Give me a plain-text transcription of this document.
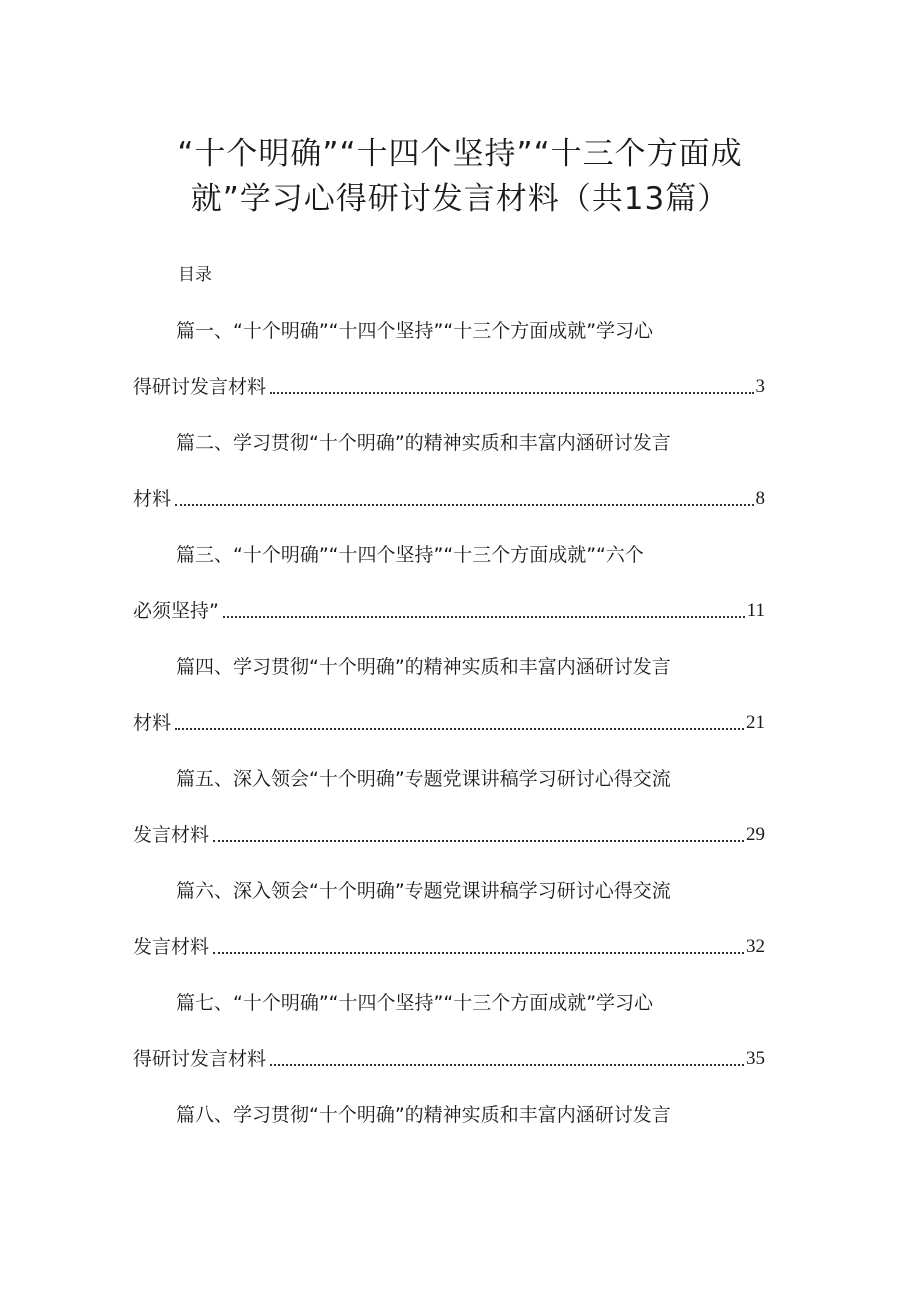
“十个明确”“十四个坚持”“十三个方面成
就”学习心得研讨发言材料（共13篇）
目录
篇一、“十个明确”“十四个坚持”“十三个方面成就”学习心
得研讨发言材料	3
篇二、学习贯彻“十个明确”的精神实质和丰富内涵研讨发言
材料	8
篇三、“十个明确”“十四个坚持”“十三个方面成就”“六个
必须坚持”	11
篇四、学习贯彻“十个明确”的精神实质和丰富内涵研讨发言
材料	21
篇五、深入领会“十个明确”专题党课讲稿学习研讨心得交流
发言材料	29
篇六、深入领会“十个明确”专题党课讲稿学习研讨心得交流
发言材料	32
篇七、“十个明确”“十四个坚持”“十三个方面成就”学习心
得研讨发言材料	35
篇八、学习贯彻“十个明确”的精神实质和丰富内涵研讨发言
